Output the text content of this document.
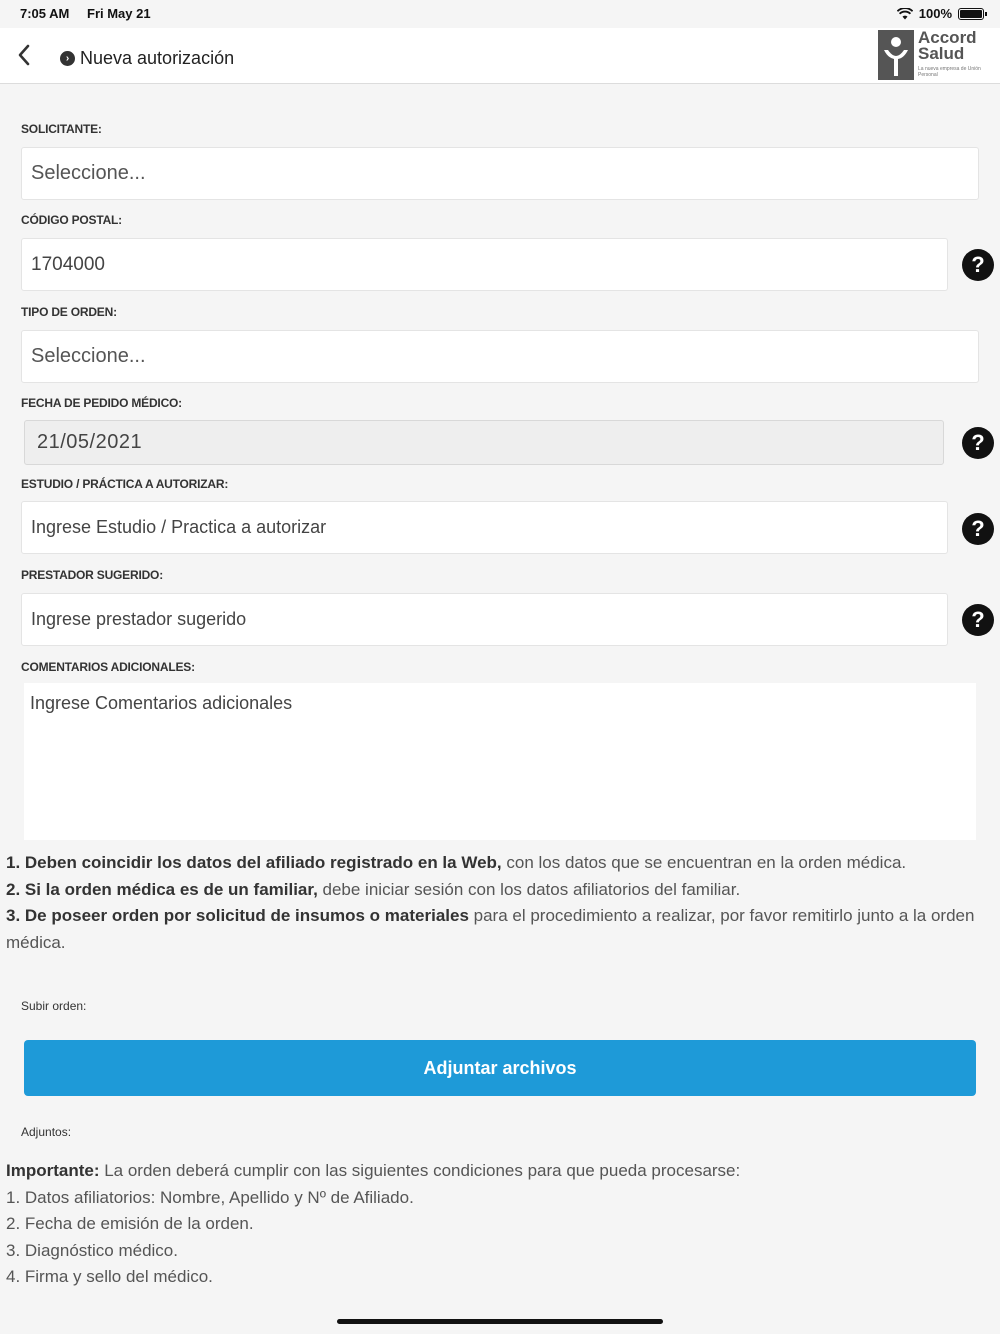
7:05 AM Fri May 21	100%
› Nueva autorización
Accord
Salud
La nueva empresa de Unión Personal
SOLICITANTE:
Seleccione...
CÓDIGO POSTAL:
1704000	?
TIPO DE ORDEN:
Seleccione...
FECHA DE PEDIDO MÉDICO:
21/05/2021	?
ESTUDIO / PRÁCTICA A AUTORIZAR:
Ingrese Estudio / Practica a autorizar	?
PRESTADOR SUGERIDO:
Ingrese prestador sugerido	?
COMENTARIOS ADICIONALES:
Ingrese Comentarios adicionales
1. Deben coincidir los datos del afiliado registrado en la Web, con los datos que se encuentran en la orden médica.
2. Si la orden médica es de un familiar, debe iniciar sesión con los datos afiliatorios del familiar.
3. De poseer orden por solicitud de insumos o materiales para el procedimiento a realizar, por favor remitirlo junto a la orden médica.
Subir orden:
Adjuntar archivos
Adjuntos:
Importante: La orden deberá cumplir con las siguientes condiciones para que pueda procesarse:
1. Datos afiliatorios: Nombre, Apellido y Nº de Afiliado.
2. Fecha de emisión de la orden.
3. Diagnóstico médico.
4. Firma y sello del médico.
